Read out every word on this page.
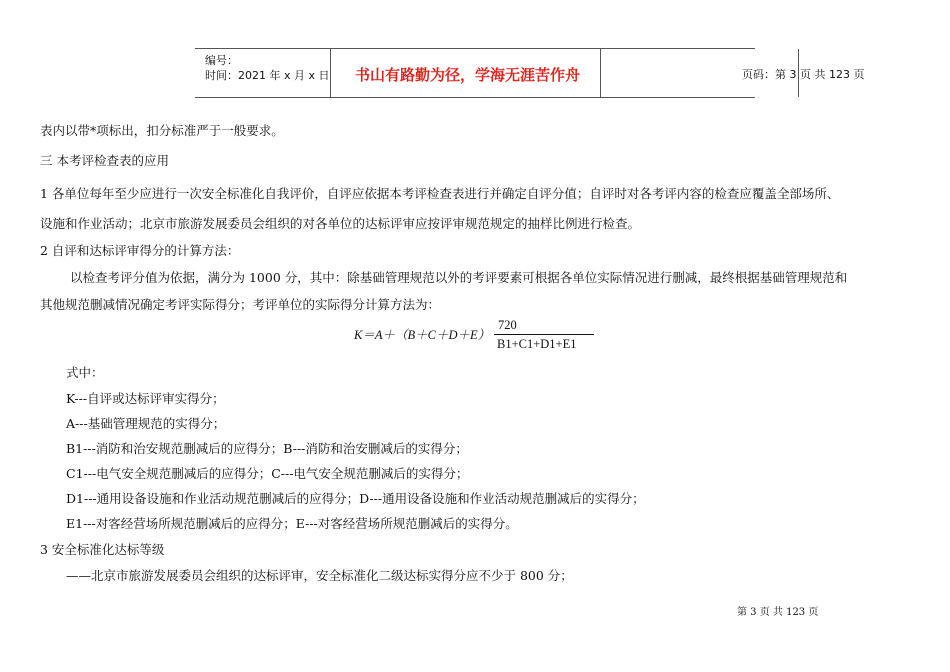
编号：
时间：2021 年 x 月 x 日	书山有路勤为径，学海无涯苦作舟	页码：第 3 页 共 123 页
表内以带*项标出，扣分标准严于一般要求。
三 本考评检查表的应用
1 各单位每年至少应进行一次安全标准化自我评价，自评应依据本考评检查表进行并确定自评分值；自评时对各考评内容的检查应覆盖全部场所、
设施和作业活动；北京市旅游发展委员会组织的对各单位的达标评审应按评审规范规定的抽样比例进行检查。
2 自评和达标评审得分的计算方法：
以检查考评分值为依据，满分为 1000 分，其中：除基础管理规范以外的考评要素可根据各单位实际情况进行删减，最终根据基础管理规范和
其他规范删减情况确定考评实际得分；考评单位的实际得分计算方法为：
K＝A＋（B＋C＋D＋E）
720
B1+C1+D1+E1
式中：
K---自评或达标评审实得分；
A---基础管理规范的实得分；
B1---消防和治安规范删减后的应得分；B---消防和治安删减后的实得分；
C1---电气安全规范删减后的应得分；C---电气安全规范删减后的实得分；
D1---通用设备设施和作业活动规范删减后的应得分；D---通用设备设施和作业活动规范删减后的实得分；
E1---对客经营场所规范删减后的应得分；E---对客经营场所规范删减后的实得分。
3 安全标准化达标等级
——北京市旅游发展委员会组织的达标评审，安全标准化二级达标实得分应不少于 800 分；
第 3 页 共 123 页
